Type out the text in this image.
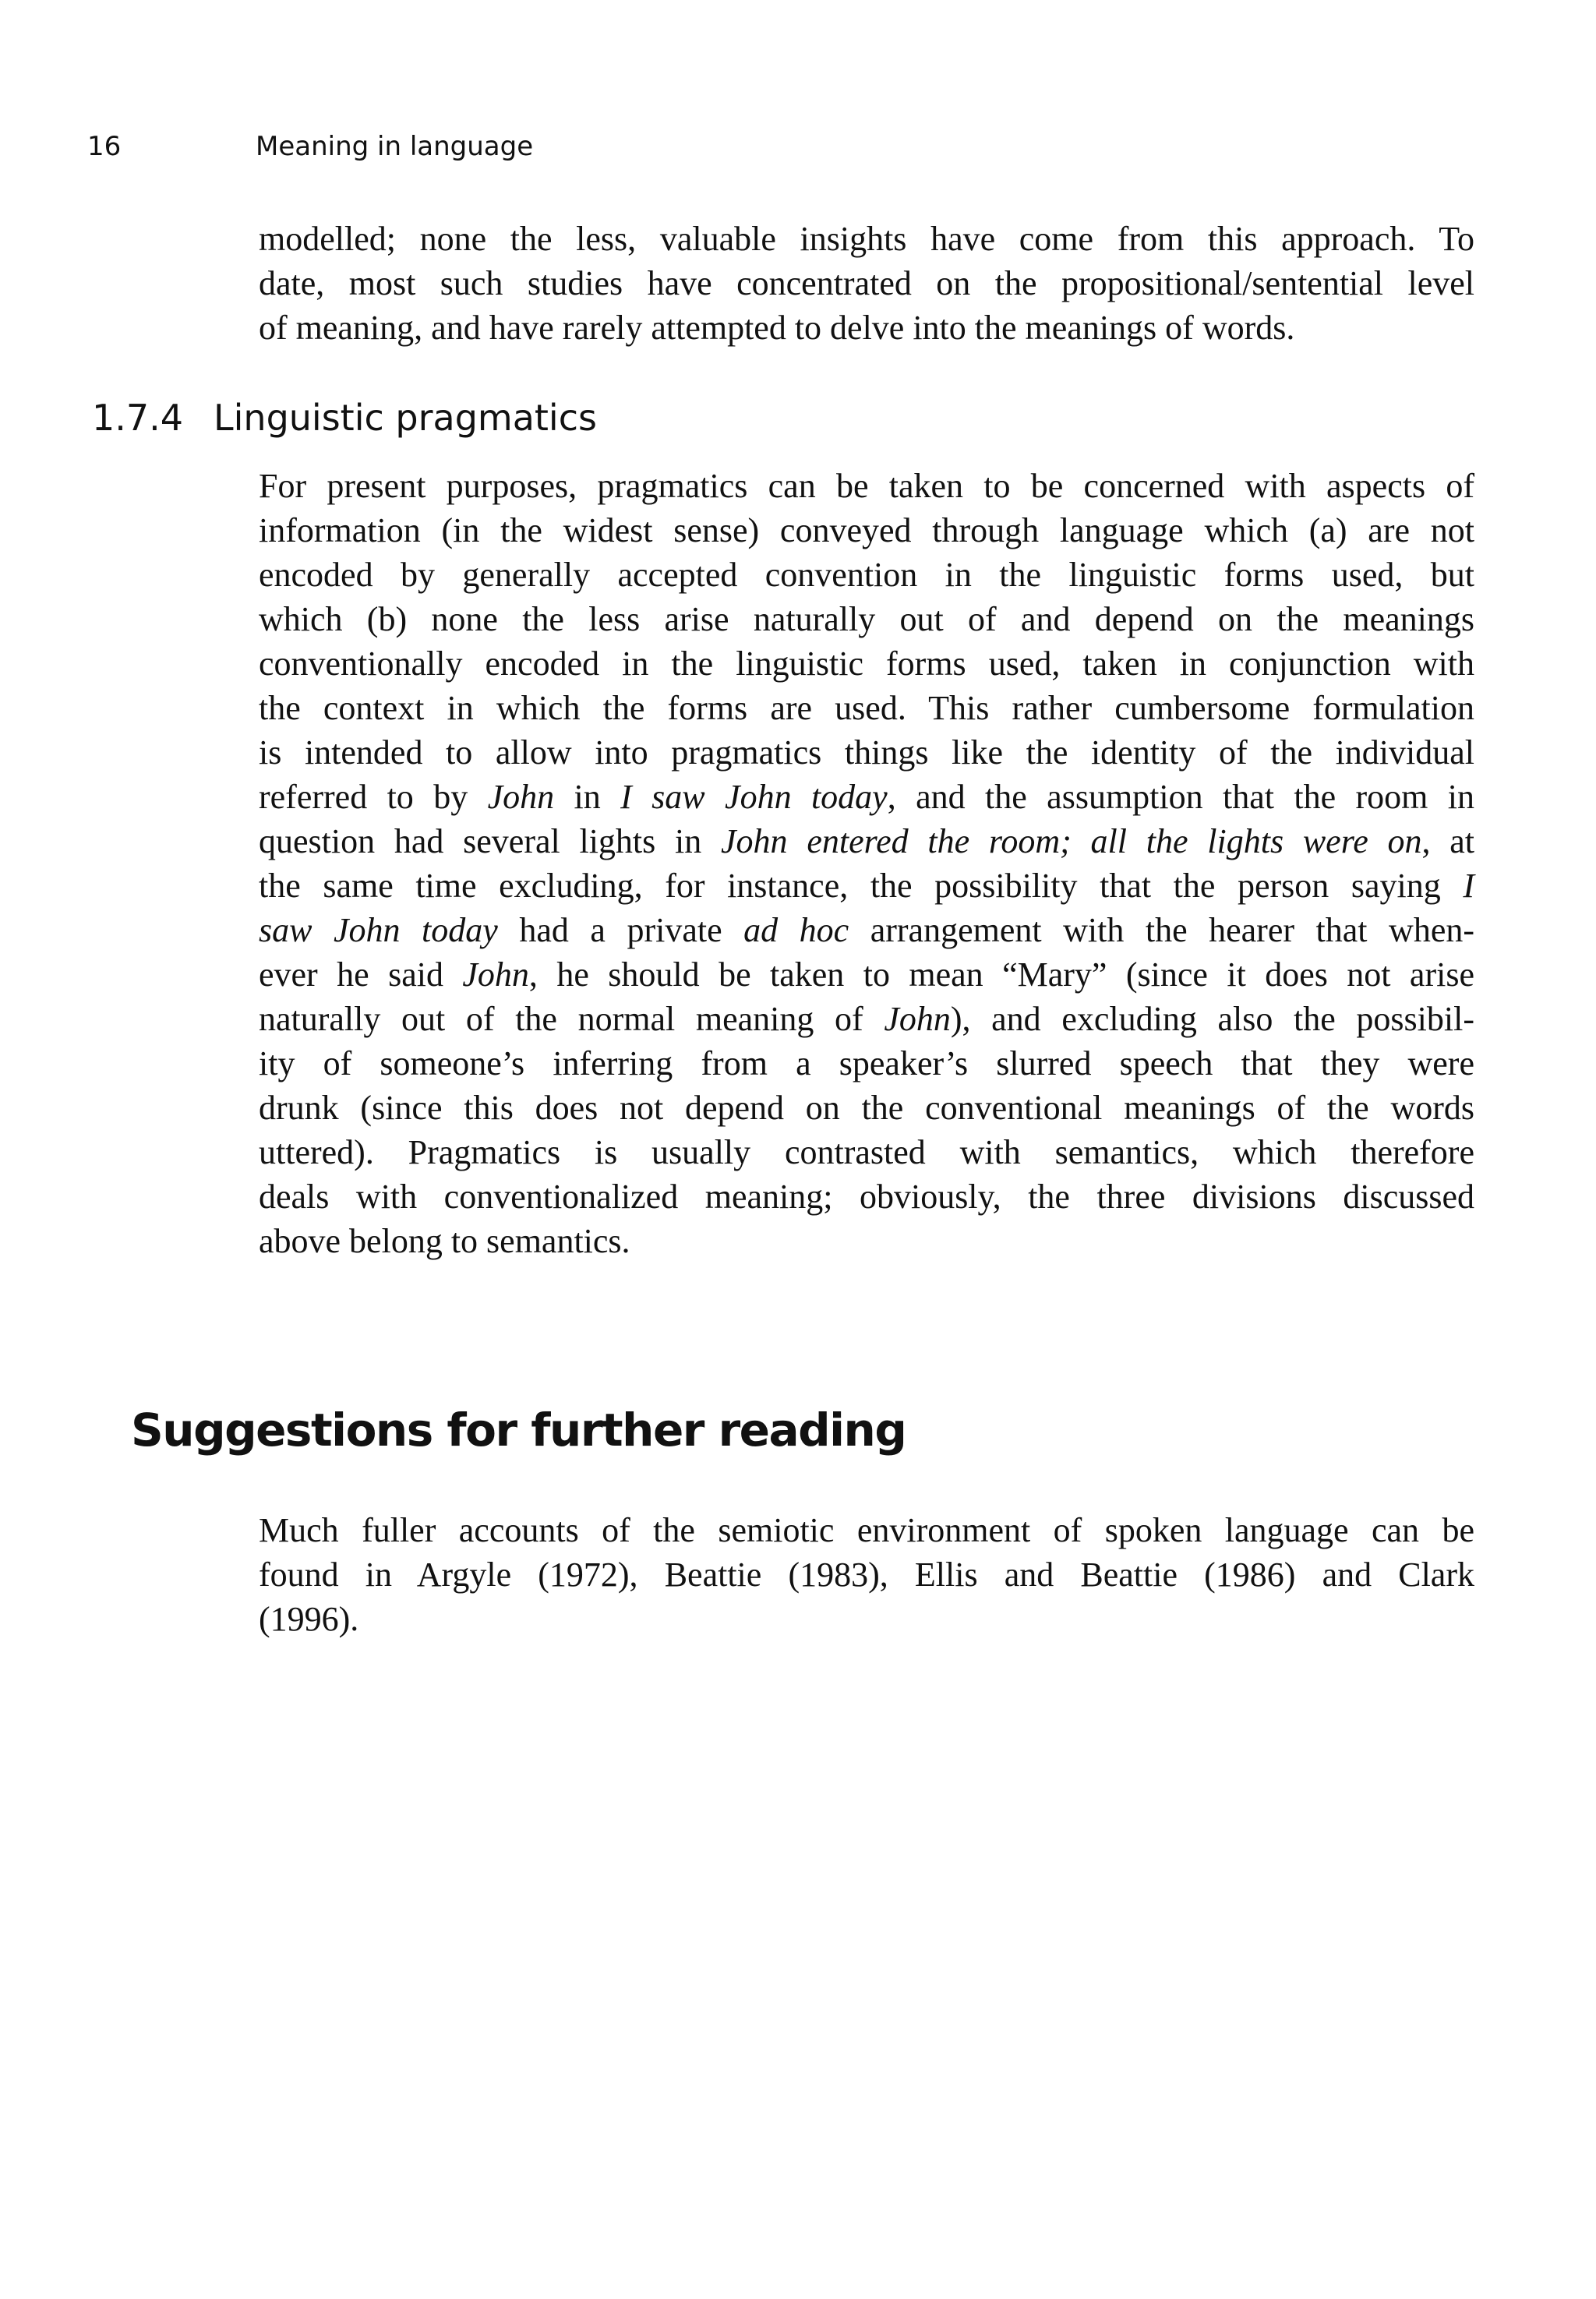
16	Meaning in language

modelled; none the less, valuable insights have come from this approach. To
date, most such studies have concentrated on the propositional/sentential level
of meaning, and have rarely attempted to delve into the meanings of words.

1.7.4 Linguistic pragmatics

For present purposes, pragmatics can be taken to be concerned with aspects of
information (in the widest sense) conveyed through language which (a) are not
encoded by generally accepted convention in the linguistic forms used, but
which (b) none the less arise naturally out of and depend on the meanings
conventionally encoded in the linguistic forms used, taken in conjunction with
the context in which the forms are used. This rather cumbersome formulation
is intended to allow into pragmatics things like the identity of the individual
referred to by John in I saw John today, and the assumption that the room in
question had several lights in John entered the room; all the lights were on, at
the same time excluding, for instance, the possibility that the person saying I
saw John today had a private ad hoc arrangement with the hearer that when-
ever he said John, he should be taken to mean “Mary” (since it does not arise
naturally out of the normal meaning of John), and excluding also the possibil-
ity of someone’s inferring from a speaker’s slurred speech that they were
drunk (since this does not depend on the conventional meanings of the words
uttered). Pragmatics is usually contrasted with semantics, which therefore
deals with conventionalized meaning; obviously, the three divisions discussed
above belong to semantics.

Suggestions for further reading

Much fuller accounts of the semiotic environment of spoken language can be
found in Argyle (1972), Beattie (1983), Ellis and Beattie (1986) and Clark
(1996).
